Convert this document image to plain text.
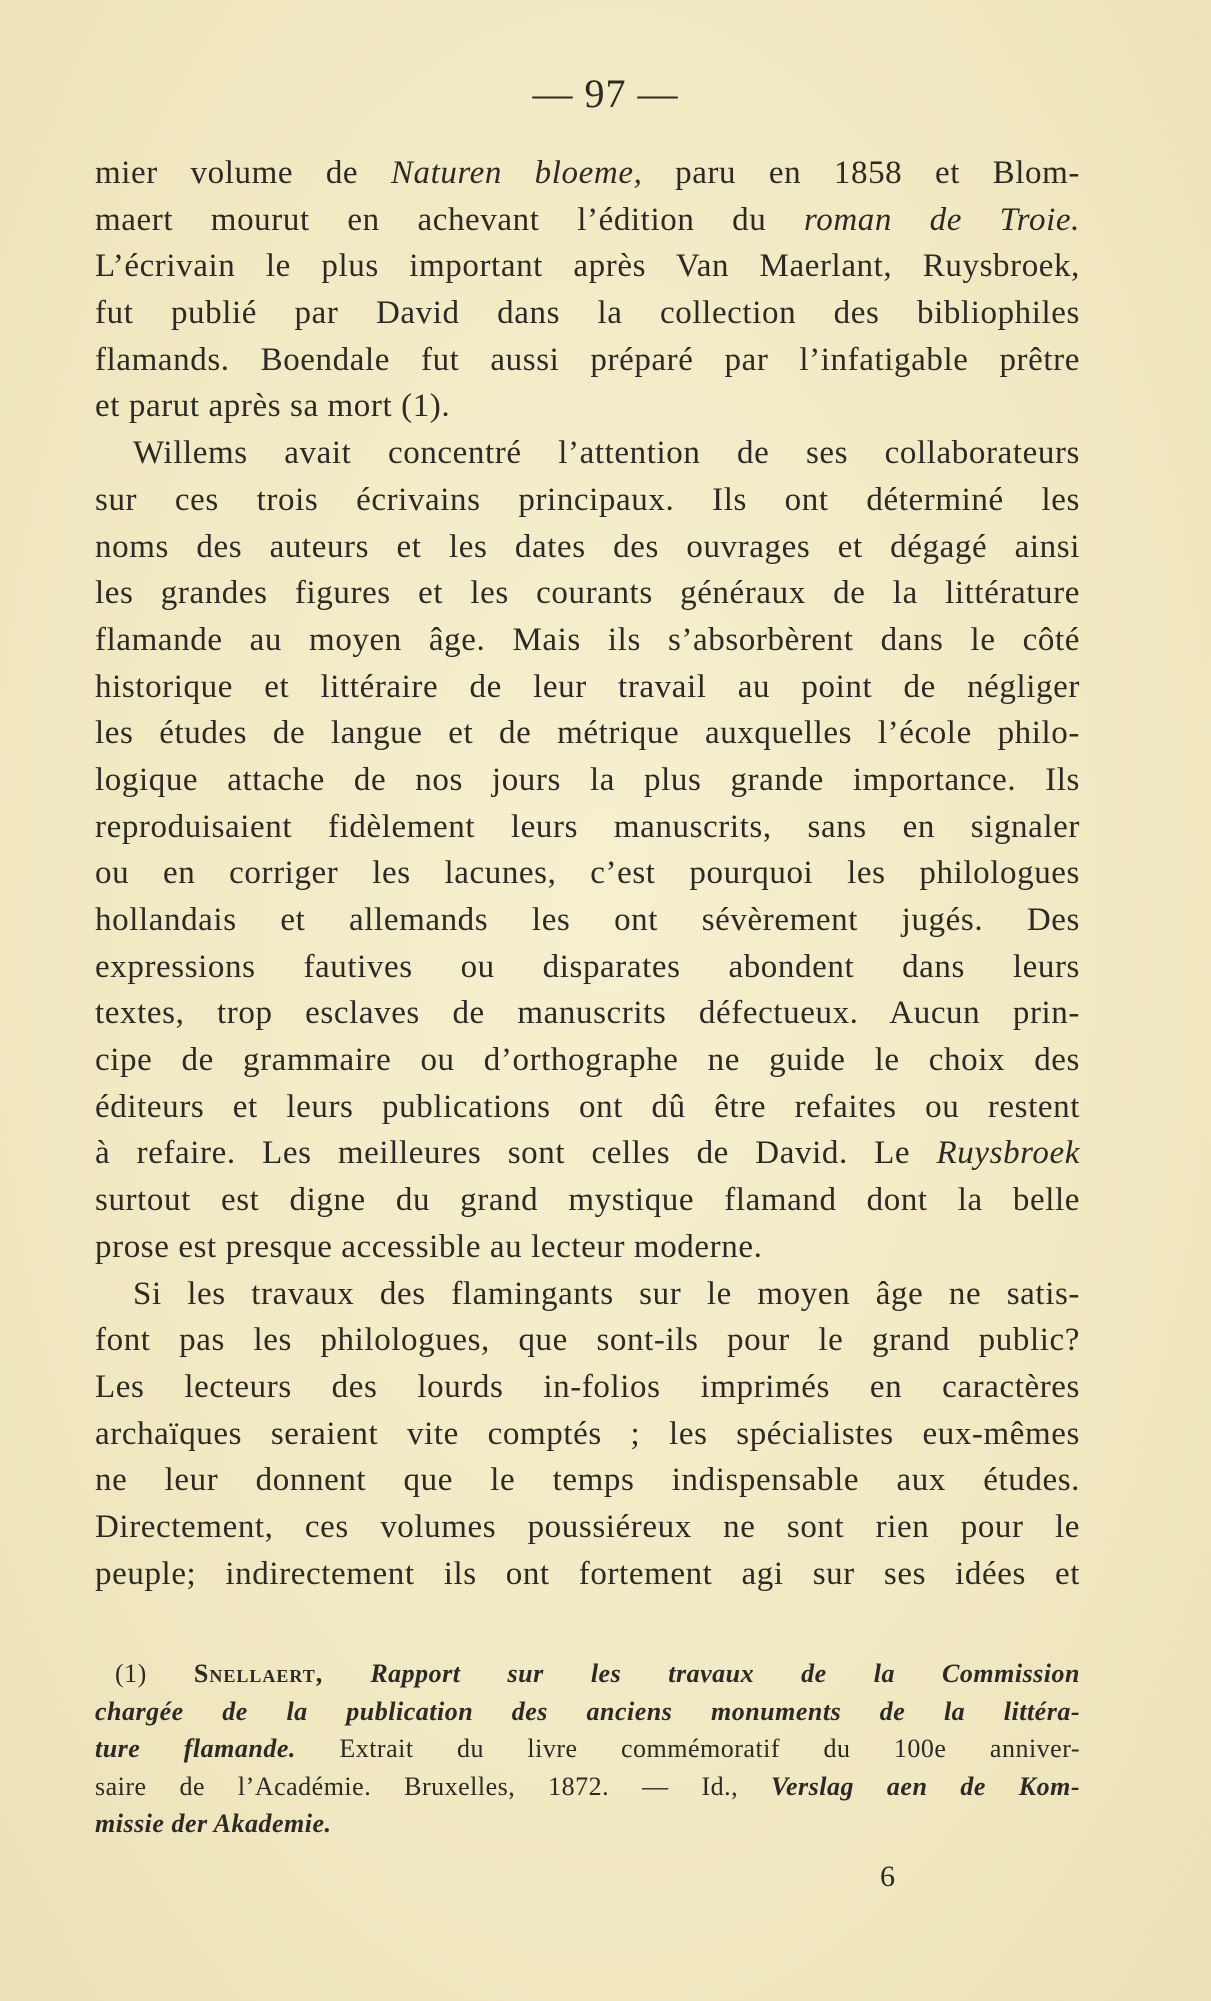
— 97 —
mier volume de Naturen bloeme, paru en 1858 et Blom-
maert mourut en achevant l’édition du roman de Troie.
L’écrivain le plus important après Van Maerlant, Ruysbroek,
fut publié par David dans la collection des bibliophiles
flamands. Boendale fut aussi préparé par l’infatigable prêtre
et parut après sa mort (1).
Willems avait concentré l’attention de ses collaborateurs
sur ces trois écrivains principaux. Ils ont déterminé les
noms des auteurs et les dates des ouvrages et dégagé ainsi
les grandes figures et les courants généraux de la littérature
flamande au moyen âge. Mais ils s’absorbèrent dans le côté
historique et littéraire de leur travail au point de négliger
les études de langue et de métrique auxquelles l’école philo-
logique attache de nos jours la plus grande importance. Ils
reproduisaient fidèlement leurs manuscrits, sans en signaler
ou en corriger les lacunes, c’est pourquoi les philologues
hollandais et allemands les ont sévèrement jugés. Des
expressions fautives ou disparates abondent dans leurs
textes, trop esclaves de manuscrits défectueux. Aucun prin-
cipe de grammaire ou d’orthographe ne guide le choix des
éditeurs et leurs publications ont dû être refaites ou restent
à refaire. Les meilleures sont celles de David. Le Ruysbroek
surtout est digne du grand mystique flamand dont la belle
prose est presque accessible au lecteur moderne.
Si les travaux des flamingants sur le moyen âge ne satis-
font pas les philologues, que sont-ils pour le grand public?
Les lecteurs des lourds in-folios imprimés en caractères
archaïques seraient vite comptés ; les spécialistes eux-mêmes
ne leur donnent que le temps indispensable aux études.
Directement, ces volumes poussiéreux ne sont rien pour le
peuple; indirectement ils ont fortement agi sur ses idées et
(1) Snellaert, Rapport sur les travaux de la Commission
chargée de la publication des anciens monuments de la littéra-
ture flamande. Extrait du livre commémoratif du 100e anniver-
saire de l’Académie. Bruxelles, 1872. — Id., Verslag aen de Kom-
missie der Akademie.
6
